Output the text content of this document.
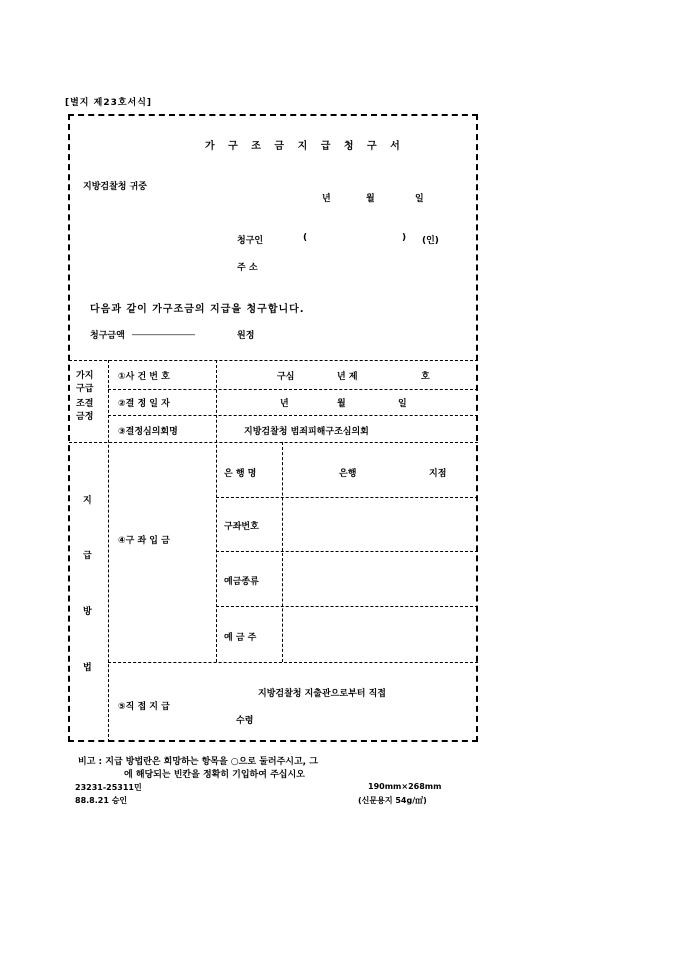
[별지 제23호서식]
가 구 조 금 지 급 청 구 서
지방검찰청 귀중
년	월	일
청구인	(	) (인)
주 소
다음과 같이 가구조금의 지급을 청구합니다.
청구금액 ______________	원정
가지
구급
조결
금정
①사 건 번 호	구심	년 제	호
②결 정 일 자	년	월	일
③결정심의회명	지방검찰청 범죄피해구조심의회
지
급
방
법
④구 좌 입 금
은 행 명	은행	지점
구좌번호
예금종류
예 금 주
⑤직 접 지 급
지방검찰청 지출관으로부터 직접
수령
비고 : 지급 방법란은 희망하는 항목을 ○으로 둘러주시고, 그
에 해당되는 빈칸을 정확히 기입하여 주십시오
23231-25311민	190mm×268mm
88.8.21 승인	(신문용지 54g/㎡)
